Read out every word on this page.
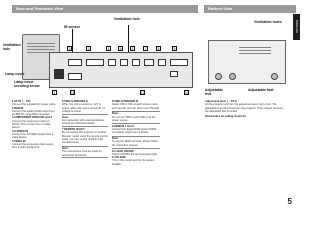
Rear and Terminals View	Bottom View
ENGLISH
1
2	3	4	5	6	7	8	9
10
11	12
Ventilation hole
IR sensor
Ventilation hole
Lamp cover
Lamp cover securing screw
Ventilation holes
Adjustable feet
Adjustable foot
1 AC IN (→ P.8)
Connect the supplied AC power cable.
2 RGB IN
Connect the analog RGB output from an IBM PC compatible computer.
3 COMPONENT VIDEO IN1 and 2
Connect the component video (Y, Pb/Cb, Pr/Cr) output from a video device.
4 S-VIDEO IN
Connect the S-VIDEO output from a video device.
5 VIDEO IN
Connect the composite video output from a video equipment.
6 TRIG.1(TRIGGER 1)
When the unit is turned on, 12V is output. When the unit is turned off, no voltage is output.
Note:
For connection with external devices, consult an authorized dealer.
7 REMOTE IN OUT
By connecting this projector to another Marantz model using the remote control cable, you can control multiple units simultaneously.
Note:
The connections must be made by authorized personnel.
8 TRIG.2(TRIGGER 2)
Select ON or OFF at each screen mode, such as Full, Normal, Zoom and Through.
Note:
Do not use TRIG.1 and TRIG.2 as the power source.
9 HDMI IN 1 and 2
Connect the digital RGB signal (TMDS compliant) output from a device.
Note:
To use the HDMI terminal, always follow the instruction manual.
10 LIGHT ON/OFF
Switch ON/OFF the terminal panel light.
11 RS-232C
This is the control port for the system installer.
Adjustment lever (→ P.11)
Lift the projector and turn the adjustment lever right or left. The adjustable feet will extend from the projector. Then release the lever; the adjustable feet is locked.
Screw holes for ceiling mount kit
5
